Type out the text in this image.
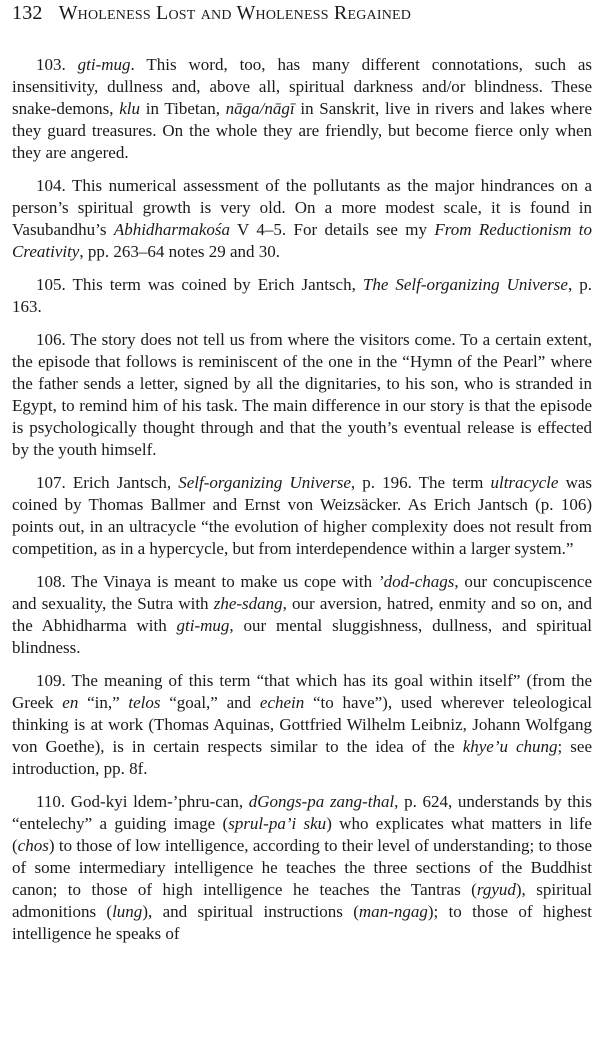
132 Wholeness Lost and Wholeness Regained

103. gti-mug. This word, too, has many different connotations, such as insensitivity, dullness and, above all, spiritual darkness and/or blindness. These snake-demons, klu in Tibetan, nāga/nāgī in Sanskrit, live in rivers and lakes where they guard treasures. On the whole they are friendly, but become fierce only when they are angered.

104. This numerical assessment of the pollutants as the major hindrances on a person’s spiritual growth is very old. On a more modest scale, it is found in Vasubandhu’s Abhidharmakośa V 4–5. For details see my From Reductionism to Creativity, pp. 263–64 notes 29 and 30.

105. This term was coined by Erich Jantsch, The Self-organizing Universe, p. 163.

106. The story does not tell us from where the visitors come. To a certain extent, the episode that follows is reminiscent of the one in the “Hymn of the Pearl” where the father sends a letter, signed by all the dignitaries, to his son, who is stranded in Egypt, to remind him of his task. The main difference in our story is that the episode is psychologically thought through and that the youth’s eventual release is effected by the youth himself.

107. Erich Jantsch, Self-organizing Universe, p. 196. The term ultracycle was coined by Thomas Ballmer and Ernst von Weizsäcker. As Erich Jantsch (p. 106) points out, in an ultracycle “the evolution of higher complexity does not result from competition, as in a hypercycle, but from interdependence within a larger system.”

108. The Vinaya is meant to make us cope with ’dod-chags, our concupiscence and sexuality, the Sutra with zhe-sdang, our aversion, hatred, enmity and so on, and the Abhidharma with gti-mug, our mental sluggishness, dullness, and spiritual blindness.

109. The meaning of this term “that which has its goal within itself” (from the Greek en “in,” telos “goal,” and echein “to have”), used wherever teleological thinking is at work (Thomas Aquinas, Gottfried Wilhelm Leibniz, Johann Wolfgang von Goethe), is in certain respects similar to the idea of the khye’u chung; see introduction, pp. 8f.

110. God-kyi ldem-’phru-can, dGongs-pa zang-thal, p. 624, understands by this “entelechy” a guiding image (sprul-pa’i sku) who explicates what matters in life (chos) to those of low intelligence, according to their level of understanding; to those of some intermediary intelligence he teaches the three sections of the Buddhist canon; to those of high intelligence he teaches the Tantras (rgyud), spiritual admonitions (lung), and spiritual instructions (man-ngag); to those of highest intelligence he speaks of
